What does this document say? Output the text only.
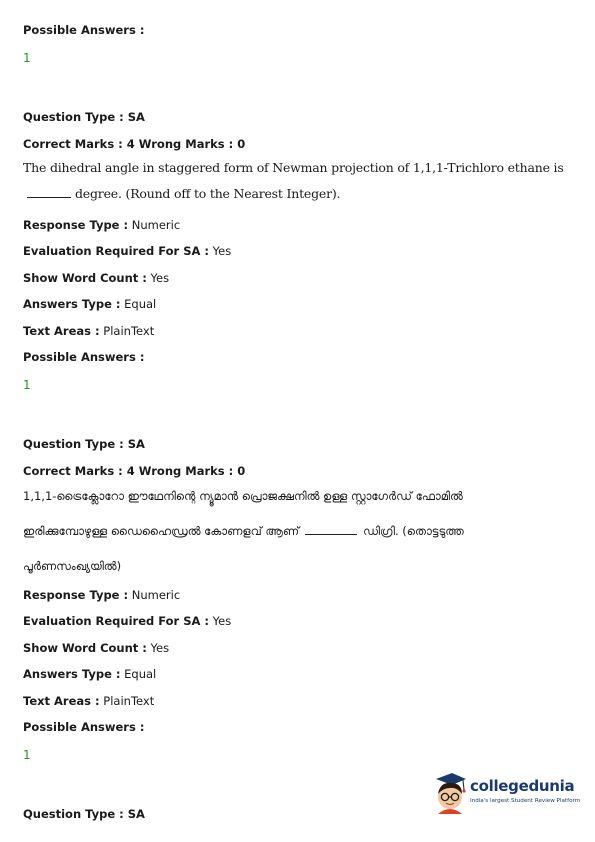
Possible Answers :
1
Question Type : SA
Correct Marks : 4 Wrong Marks : 0
The dihedral angle in staggered form of Newman projection of 1,1,1-Trichloro ethane is
degree. (Round off to the Nearest Integer).
Response Type : Numeric
Evaluation Required For SA : Yes
Show Word Count : Yes
Answers Type : Equal
Text Areas : PlainText
Possible Answers :
1
Question Type : SA
Correct Marks : 4 Wrong Marks : 0
1,1,1-ട്രൈക്ലോറോ ഈഥേനിന്റെ ന്യൂമാൻ പ്രൊജക്ഷനിൽ ഉള്ള സ്റ്റാഗേർഡ് ഫോമിൽ
ഇരിക്കുമ്പോഴുള്ള ഡൈഹൈഡ്രൽ കോണളവ് ആണ്	ഡിഗ്രി. (തൊട്ടടുത്ത
പൂർണസംഖ്യയിൽ)
Response Type : Numeric
Evaluation Required For SA : Yes
Show Word Count : Yes
Answers Type : Equal
Text Areas : PlainText
Possible Answers :
1
Question Type : SA
collegedunia
India's largest Student Review Platform
